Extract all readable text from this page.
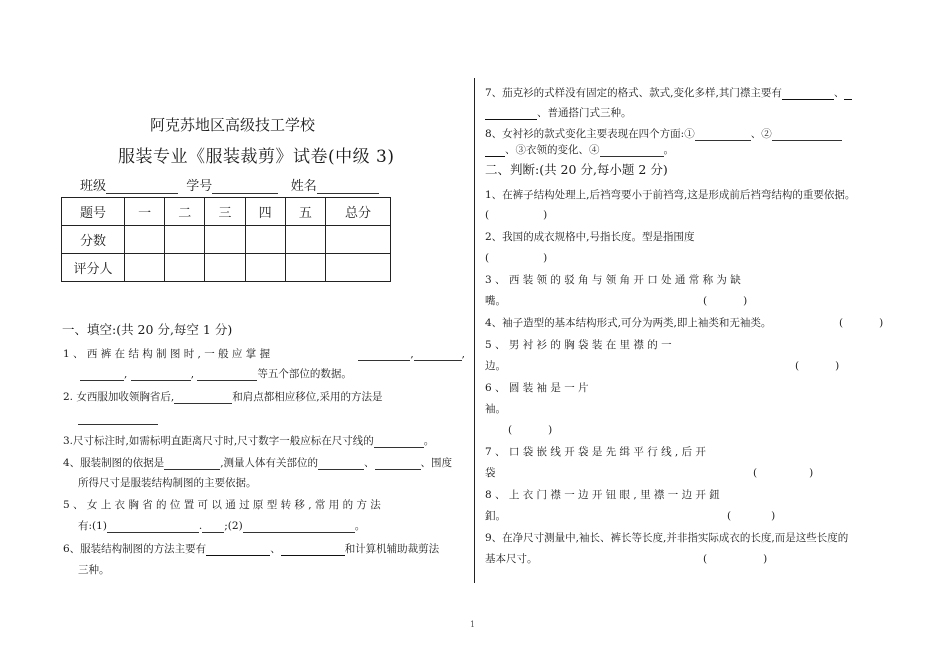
阿克苏地区高级技工学校
服装专业《服装裁剪》试卷(中级 3)
班级	学号	姓名
题号	一	二	三	四	五	总分
分数						
评分人						
一、填空:(共 20 分,每空 1 分)
1 、 西 裤 在 结 构 制 图 时 , 一 般 应 掌 握	,	,
,	,	等五个部位的数据。
2. 女西服加收领胸省后,	和肩点都相应移位,采用的方法是
3.尺寸标注时,如需标明直距离尺寸时,尺寸数字一般应标在尺寸线的	。
4、服装制图的依据是	,测量人体有关部位的	、	、围度
所得尺寸是服装结构制图的主要依据。
5 、 女 上 衣 胸 省 的 位 置 可 以 通 过 原 型 转 移 , 常 用 的 方 法
有:(1)	. ;(2)	。
6、服装结构制图的方法主要有	、	和计算机辅助裁剪法
三种。
7、茄克衫的式样没有固定的格式、款式,变化多样,其门襟主要有	、
、普通搭门式三种。
8、女衬衫的款式变化主要表现在四个方面:①	、②
、③衣领的变化、④	。
二、判断:(共 20 分,每小题 2 分)
1、在裤子结构处理上,后裆弯要小于前裆弯,这是形成前后裆弯结构的重要依据。
(	)
2、我国的成衣规格中,号指长度。型是指围度
(	)
3 、 西 装 领 的 驳 角 与 领 角 开 口 处 通 常 称 为 缺
嘴。	(	)
4、袖子造型的基本结构形式,可分为两类,即上袖类和无袖类。	(	)
5 、 男 衬 衫 的 胸 袋 装 在 里 襟 的 一
边。	(	)
6 、 圆 装 袖 是 一 片
袖。
(	)
7 、 口 袋 嵌 线 开 袋 是 先 缉 平 行 线 , 后 开
袋	(	)
8 、 上 衣 门 襟 一 边 开 钮 眼 , 里 襟 一 边 开 鈕
釦。	(	)
9、在净尺寸测量中,袖长、裤长等长度,并非指实际成衣的长度,而是这些长度的
基本尺寸。	(	)
1
